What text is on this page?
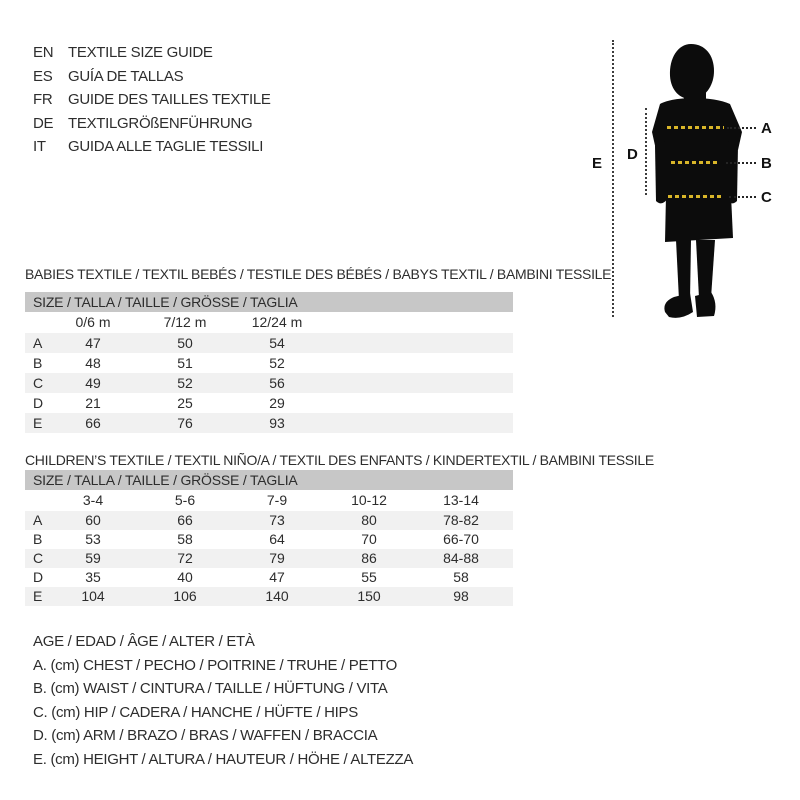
EN TEXTILE SIZE GUIDE
ES	GUÍA DE TALLAS
FR	GUIDE DES TAILLES TEXTILE
DE TEXTILGRÖßENFÜHRUNG
IT	GUIDA ALLE TAGLIE TESSILI
E
D
A
B
C
BABIES TEXTILE / TEXTIL BEBÉS / TESTILE DES BÉBÉS / BABYS TEXTIL / BAMBINI TESSILE
SIZE / TALLA / TAILLE / GRÖSSE / TAGLIA
0/6 m	7/12 m	12/24 m
A	47	50	54
B	48	51	52
C	49	52	56
D	21	25	29
E	66	76	93
CHILDREN’S TEXTILE / TEXTIL NIÑO/A / TEXTIL DES ENFANTS / KINDERTEXTIL / BAMBINI TESSILE
SIZE / TALLA / TAILLE / GRÖSSE / TAGLIA
3-4	5-6	7-9	10-12	13-14
A	60	66	73	80	78-82
B	53	58	64	70	66-70
C	59	72	79	86	84-88
D	35	40	47	55	58
E	104	106	140	150	98
AGE / EDAD / ÂGE / ALTER / ETÀ
A. (cm) CHEST / PECHO / POITRINE / TRUHE / PETTO
B. (cm) WAIST / CINTURA / TAILLE / HÜFTUNG / VITA
C. (cm) HIP / CADERA / HANCHE / HÜFTE / HIPS
D. (cm) ARM / BRAZO / BRAS / WAFFEN / BRACCIA
E. (cm) HEIGHT / ALTURA / HAUTEUR / HÖHE / ALTEZZA
